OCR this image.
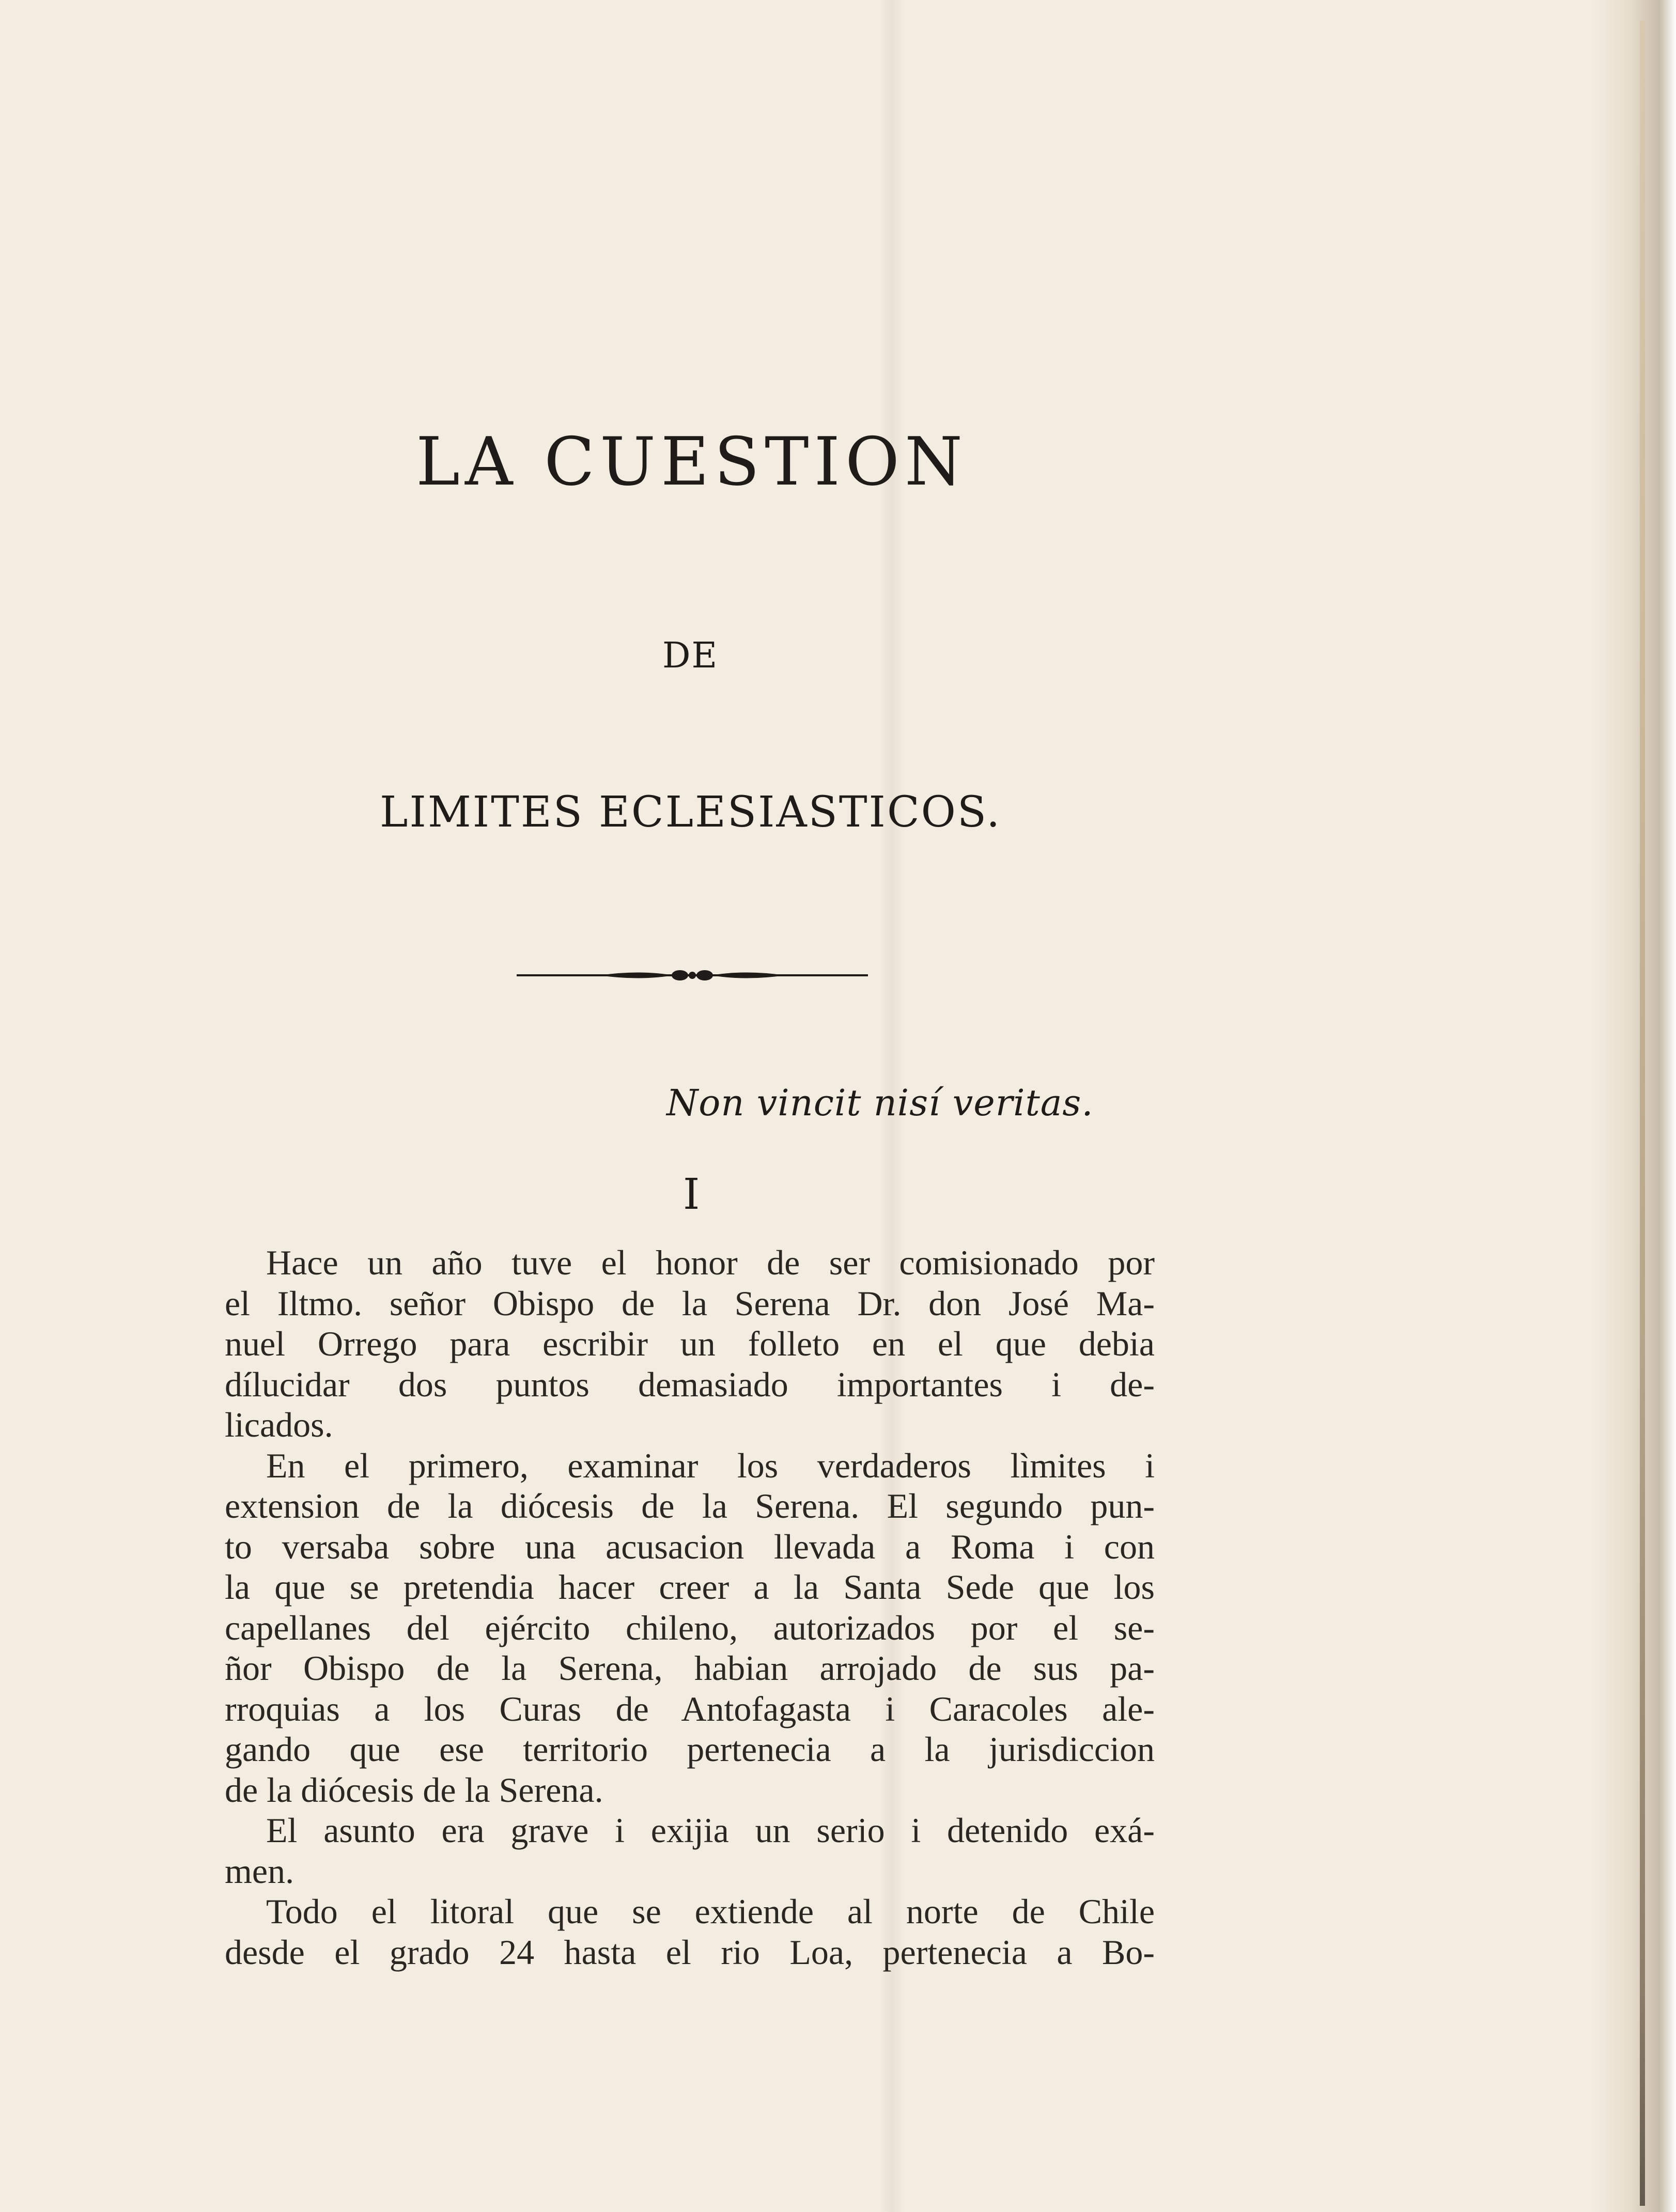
LA CUESTION
DE
LIMITES ECLESIASTICOS.
Non vincit nisí veritas.
I
Hace un año tuve el honor de ser comisionado por
el Iltmo. señor Obispo de la Serena Dr. don José Ma-
nuel Orrego para escribir un folleto en el que debia
dílucidar dos puntos demasiado importantes i de-
licados.
En el primero, examinar los verdaderos lìmites i
extension de la diócesis de la Serena. El segundo pun-
to versaba sobre una acusacion llevada a Roma i con
la que se pretendia hacer creer a la Santa Sede que los
capellanes del ejército chileno, autorizados por el se-
ñor Obispo de la Serena, habian arrojado de sus pa-
rroquias a los Curas de Antofagasta i Caracoles ale-
gando que ese territorio pertenecia a la jurisdiccion
de la diócesis de la Serena.
El asunto era grave i exijia un serio i detenido exá-
men.
Todo el litoral que se extiende al norte de Chile
desde el grado 24 hasta el rio Loa, pertenecia a Bo-
